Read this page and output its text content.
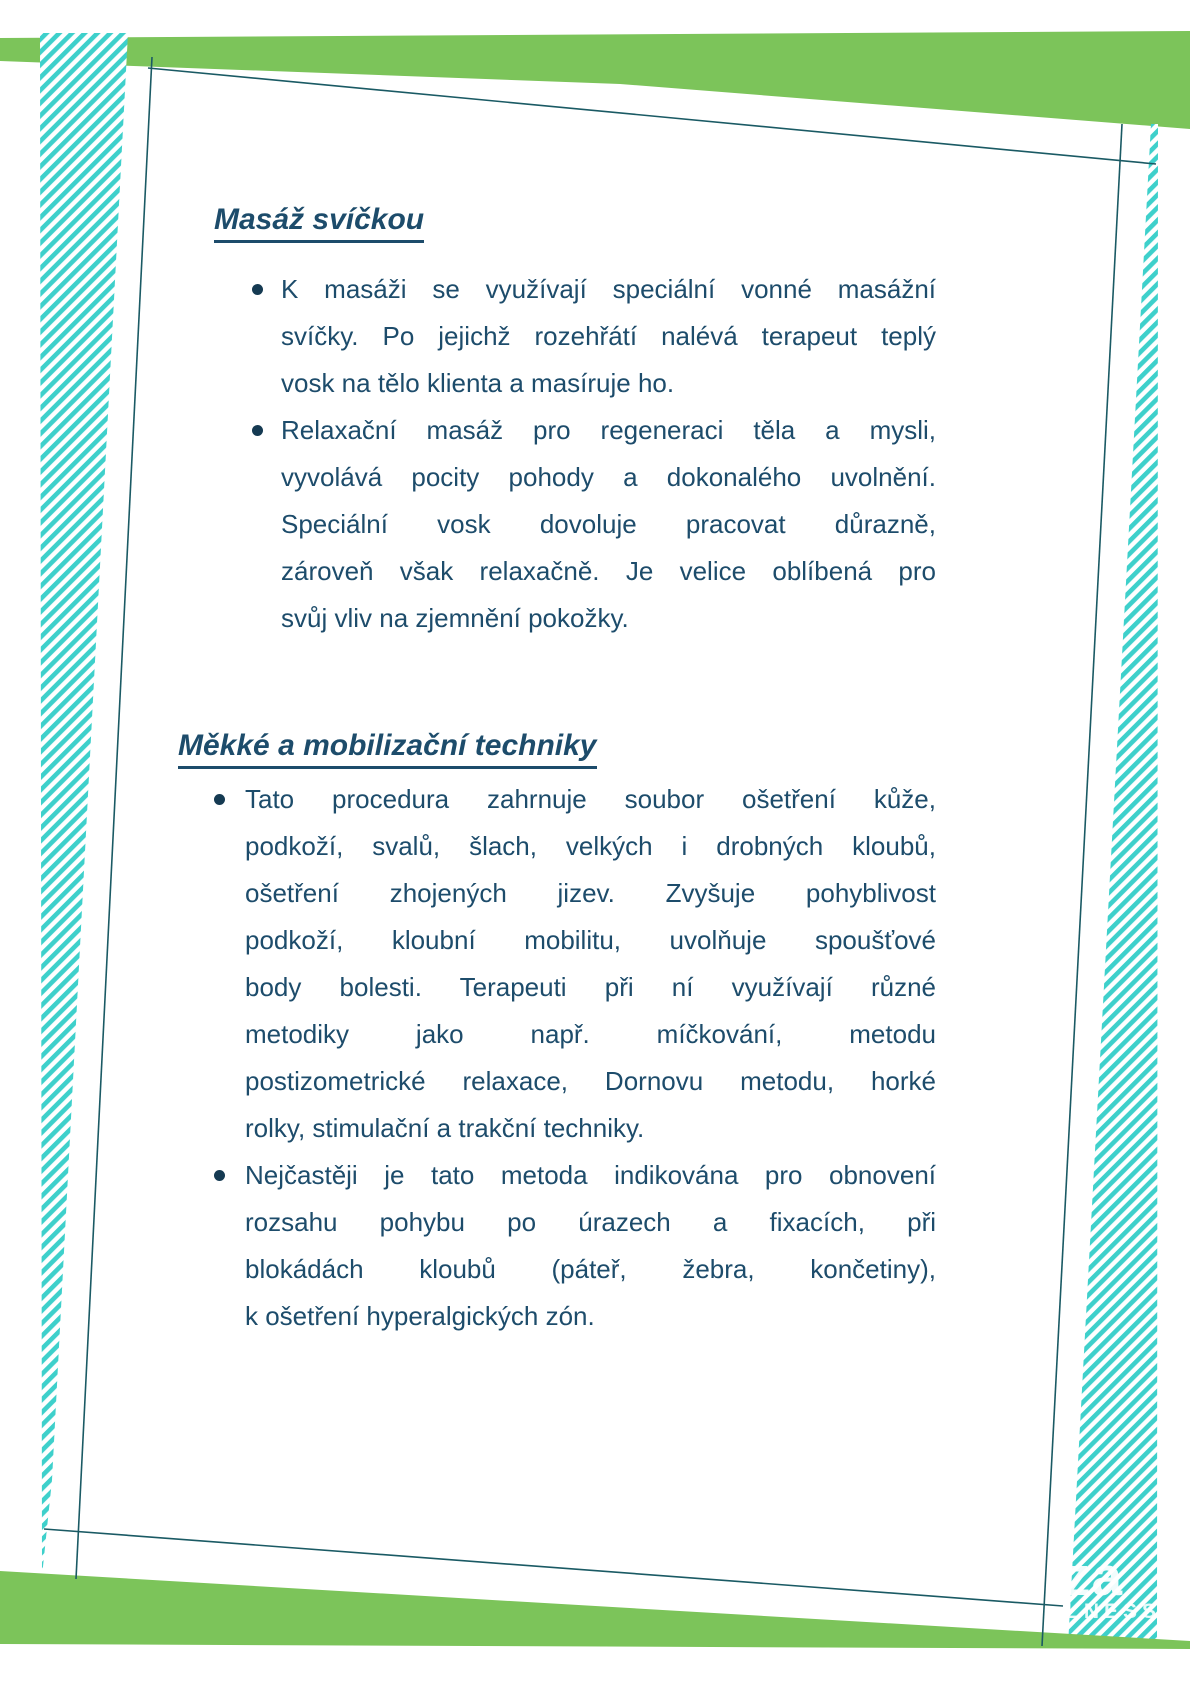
Masáž svíčkou
K masáži se využívají speciální vonné masážní
svíčky. Po jejichž rozehřátí nalévá terapeut teplý
vosk na tělo klienta a masíruje ho.
Relaxační masáž pro regeneraci těla a mysli,
vyvolává pocity pohody a dokonalého uvolnění.
Speciální vosk dovoluje pracovat důrazně,
zároveň však relaxačně. Je velice oblíbená pro
svůj vliv na zjemnění pokožky.
Měkké a mobilizační techniky
Tato procedura zahrnuje soubor ošetření kůže,
podkoží, svalů, šlach, velkých i drobných kloubů,
ošetření zhojených jizev. Zvyšuje pohyblivost
podkoží, kloubní mobilitu, uvolňuje spoušťové
body bolesti. Terapeuti při ní využívají různé
metodiky jako např. míčkování, metodu
postizometrické relaxace, Dornovu metodu, horké
rolky, stimulační a trakční techniky.
Nejčastěji je tato metoda indikována pro obnovení
rozsahu pohybu po úrazech a fixacích, při
blokádách kloubů (páteř, žebra, končetiny),
k ošetření hyperalgických zón.
za
LNESS
